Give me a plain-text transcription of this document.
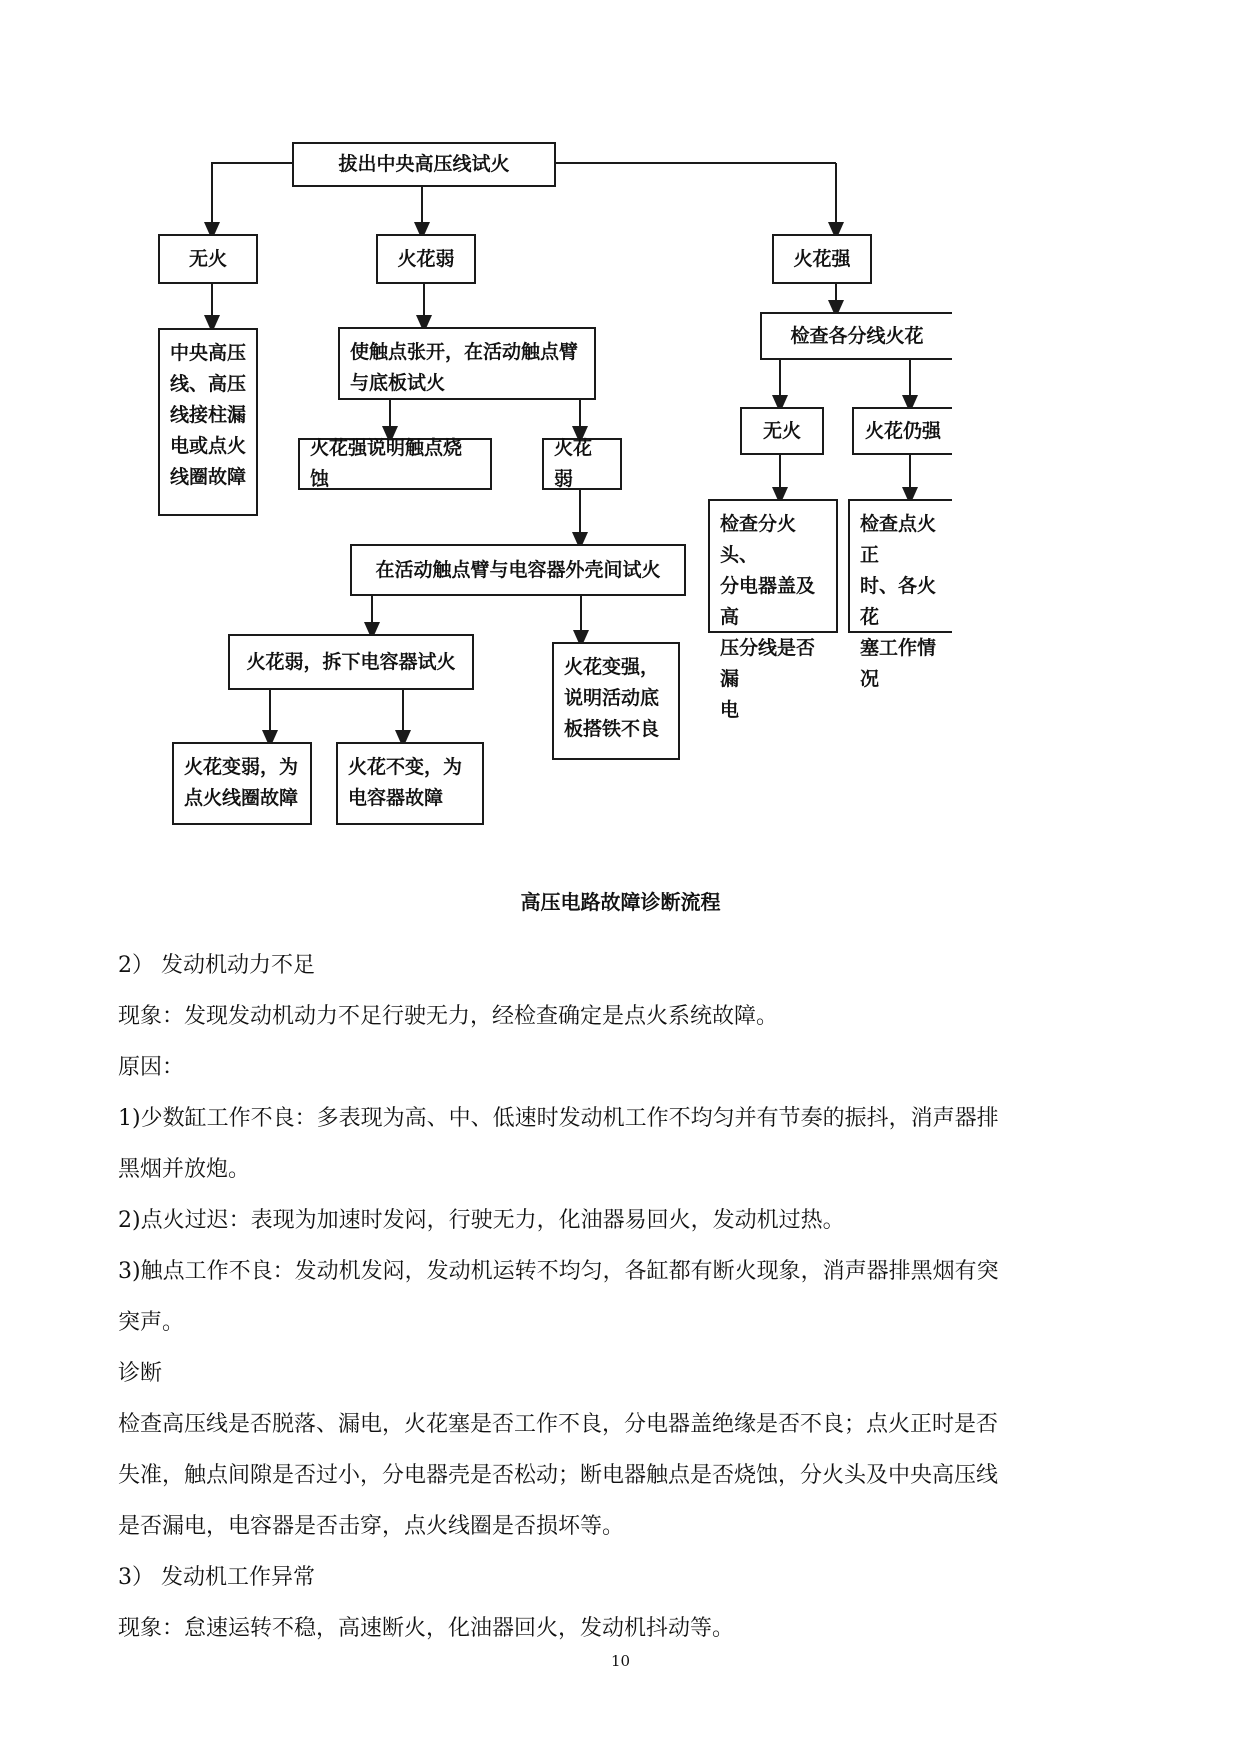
拔出中央高压线试火
无火
中央高压
线、高压
线接柱漏
电或点火
线圈故障
火花弱
使触点张开，在活动触点臂
与底板试火
火花强说明触点烧蚀
火花弱
在活动触点臂与电容器外壳间试火
火花弱，拆下电容器试火	火花变强，
说明活动底
板搭铁不良
火花变弱，为
点火线圈故障
火花不变，为
电容器故障
火花强
检查各分线火花
无火	火花仍强
检查分火头、
分电器盖及高
压分线是否漏
电
检查点火正
时、各火花
塞工作情况
高压电路故障诊断流程

2） 发动机动力不足

现象：发现发动机动力不足行驶无力，经检查确定是点火系统故障。

原因：

1)少数缸工作不良：多表现为高、中、低速时发动机工作不均匀并有节奏的振抖，消声器排

黑烟并放炮。

2)点火过迟：表现为加速时发闷，行驶无力，化油器易回火，发动机过热。

3)触点工作不良：发动机发闷，发动机运转不均匀，各缸都有断火现象，消声器排黑烟有突

突声。

诊断

检查高压线是否脱落、漏电，火花塞是否工作不良，分电器盖绝缘是否不良；点火正时是否

失准，触点间隙是否过小，分电器壳是否松动；断电器触点是否烧蚀，分火头及中央高压线

是否漏电，电容器是否击穿，点火线圈是否损坏等。

3） 发动机工作异常

现象：怠速运转不稳，高速断火，化油器回火，发动机抖动等。

10
